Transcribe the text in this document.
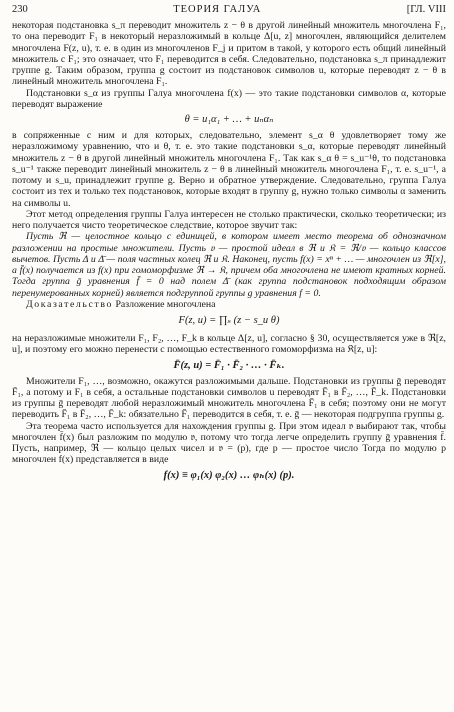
230	ТЕОРИЯ ГАЛУА	[ГЛ. VIII

некоторая подстановка s_π переводит множитель z − θ в другой линейный множитель многочлена F₁, то она переводит F₁ в некоторый неразложимый в кольце Δ[u, z] многочлен, являющийся делителем многочлена F(z, u), т. е. в один из многочленов F_j и притом в такой, у которого есть общий линейный множитель с F₁; это означает, что F₁ переводится в себя. Следовательно, подстановка s_π принадлежит группе g. Таким образом, группа g состоит из подстановок символов u, которые переводят z − θ в линейный множитель многочлена F₁.

Подстановки s_α из группы Галуа многочлена f(x) — это такие подстановки символов α, которые переводят выражение

θ = u₁α₁ + … + uₙαₙ

в сопряженные с ним и для которых, следовательно, элемент s_α θ удовлетворяет тому же неразложимому уравнению, что и θ, т. е. это такие подстановки s_α, которые переводят линейный множитель z − θ в другой линейный множитель многочлена F₁. Так как s_α θ = s_u⁻¹θ, то подстановка s_u⁻¹ также переводит линейный множитель z − θ в линейный множитель многочлена F₁, т. е. s_u⁻¹, а потому и s_u, принадлежит группе g. Верно и обратное утверждение. Следовательно, группа Галуа состоит из тех и только тех подстановок, которые входят в группу g, нужно только символы α заменить на символы u.

Этот метод определения группы Галуа интересен не столько практически, сколько теоретически; из него получается чисто теоретическое следствие, которое звучит так:

Пусть ℜ — целостное кольцо с единицей, в котором имеет место теорема об однозначном разложении на простые множители. Пусть 𝔳 — простой идеал в ℜ и 𝔎 = ℜ/𝔳 — кольцо классов вычетов. Пусть Δ и Δ̄ — поля частных колец ℜ и 𝔎. Наконец, пусть f(x) = xⁿ + … — многочлен из ℜ[x], а f̄(x) получается из f(x) при гомоморфизме ℜ → 𝔎, причем оба многочлена не имеют кратных корней. Тогда группа ḡ уравнения f̄ = 0 над полем Δ̄ (как группа подстановок подходящим образом перенумерованных корней) является подгруппой группы g уравнения f = 0.

Доказательство Разложение многочлена

F(z, u) = ∏ₛ (z − s_u θ)

на неразложимые множители F₁, F₂, …, F_k в кольце Δ[z, u], согласно § 30, осуществляется уже в ℜ[z, u], и поэтому его можно перенести с помощью естественного гомоморфизма на 𝔎[z, u]:

F̄(z, u) = F̄₁ · F̄₂ · … · F̄ₖ.

Множители F₁, …, возможно, окажутся разложимыми дальше. Подстановки из группы ḡ переводят F̄₁, а потому и F₁ в себя, а остальные подстановки символов u переводят F̄₁ в F̄₂, …, F̄_k. Подстановки из группы ḡ переводят любой неразложимый множитель многочлена F̄₁ в себя; поэтому они не могут переводить F̄₁ в F̄₂, …, F̄_k: обязательно F̄₁ переводится в себя, т. е. ḡ — некоторая подгруппа группы g.

Эта теорема часто используется для нахождения группы g. При этом идеал 𝔳 выбирают так, чтобы многочлен f̄(x) был разложим по модулю 𝔳, потому что тогда легче определить группу ḡ уравнения f̄. Пусть, например, ℜ — кольцо целых чисел и 𝔳 = (p), где p — простое число Тогда по модулю p многочлен f(x) представляется в виде

f(x) ≡ φ₁(x) φ₂(x) … φₕ(x) (p).
